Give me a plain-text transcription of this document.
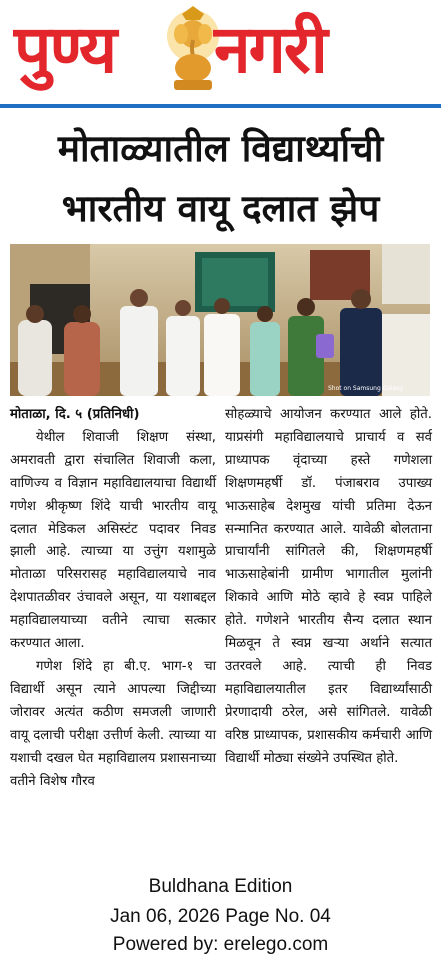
पुण्य नगरी
मोताळ्यातील विद्यार्थ्याची
भारतीय वायू दलात झेप
Shot on Samsung Galaxy

मोताळा, दि. ५ (प्रतिनिधी)

येथील शिवाजी शिक्षण संस्था, अमरावती द्वारा संचालित शिवाजी कला, वाणिज्य व विज्ञान महाविद्यालयाचा विद्यार्थी गणेश श्रीकृष्ण शिंदे याची भारतीय वायू दलात मेडिकल असिस्टंट पदावर निवड झाली आहे. त्याच्या या उत्तुंग यशामुळे मोताळा परिसरासह महाविद्यालयाचे नाव देशपातळीवर उंचावले असून, या यशाबद्दल महाविद्यालयाच्या वतीने त्याचा सत्कार करण्यात आला.

गणेश शिंदे हा बी.ए. भाग-१ चा विद्यार्थी असून त्याने आपल्या जिद्दीच्या जोरावर अत्यंत कठीण समजली जाणारी वायू दलाची परीक्षा उत्तीर्ण केली. त्याच्या या यशाची दखल घेत महाविद्यालय प्रशासनाच्या वतीने विशेष गौरव

सोहळ्याचे आयोजन करण्यात आले होते. याप्रसंगी महाविद्यालयाचे प्राचार्य व सर्व प्राध्यापक वृंदाच्या हस्ते गणेशला शिक्षणमहर्षी डॉ. पंजाबराव उपाख्य भाऊसाहेब देशमुख यांची प्रतिमा देऊन सन्मानित करण्यात आले. यावेळी बोलताना प्राचार्यांनी सांगितले की, शिक्षणमहर्षी भाऊसाहेबांनी ग्रामीण भागातील मुलांनी शिकावे आणि मोठे व्हावे हे स्वप्न पाहिले होते. गणेशने भारतीय सैन्य दलात स्थान मिळवून ते स्वप्न खऱ्या अर्थाने सत्यात उतरवले आहे. त्याची ही निवड महाविद्यालयातील इतर विद्यार्थ्यांसाठी प्रेरणादायी ठरेल, असे सांगितले. यावेळी वरिष्ठ प्राध्यापक, प्रशासकीय कर्मचारी आणि विद्यार्थी मोठ्या संख्येने उपस्थित होते.

Buldhana Edition
Jan 06, 2026 Page No. 04
Powered by: erelego.com
